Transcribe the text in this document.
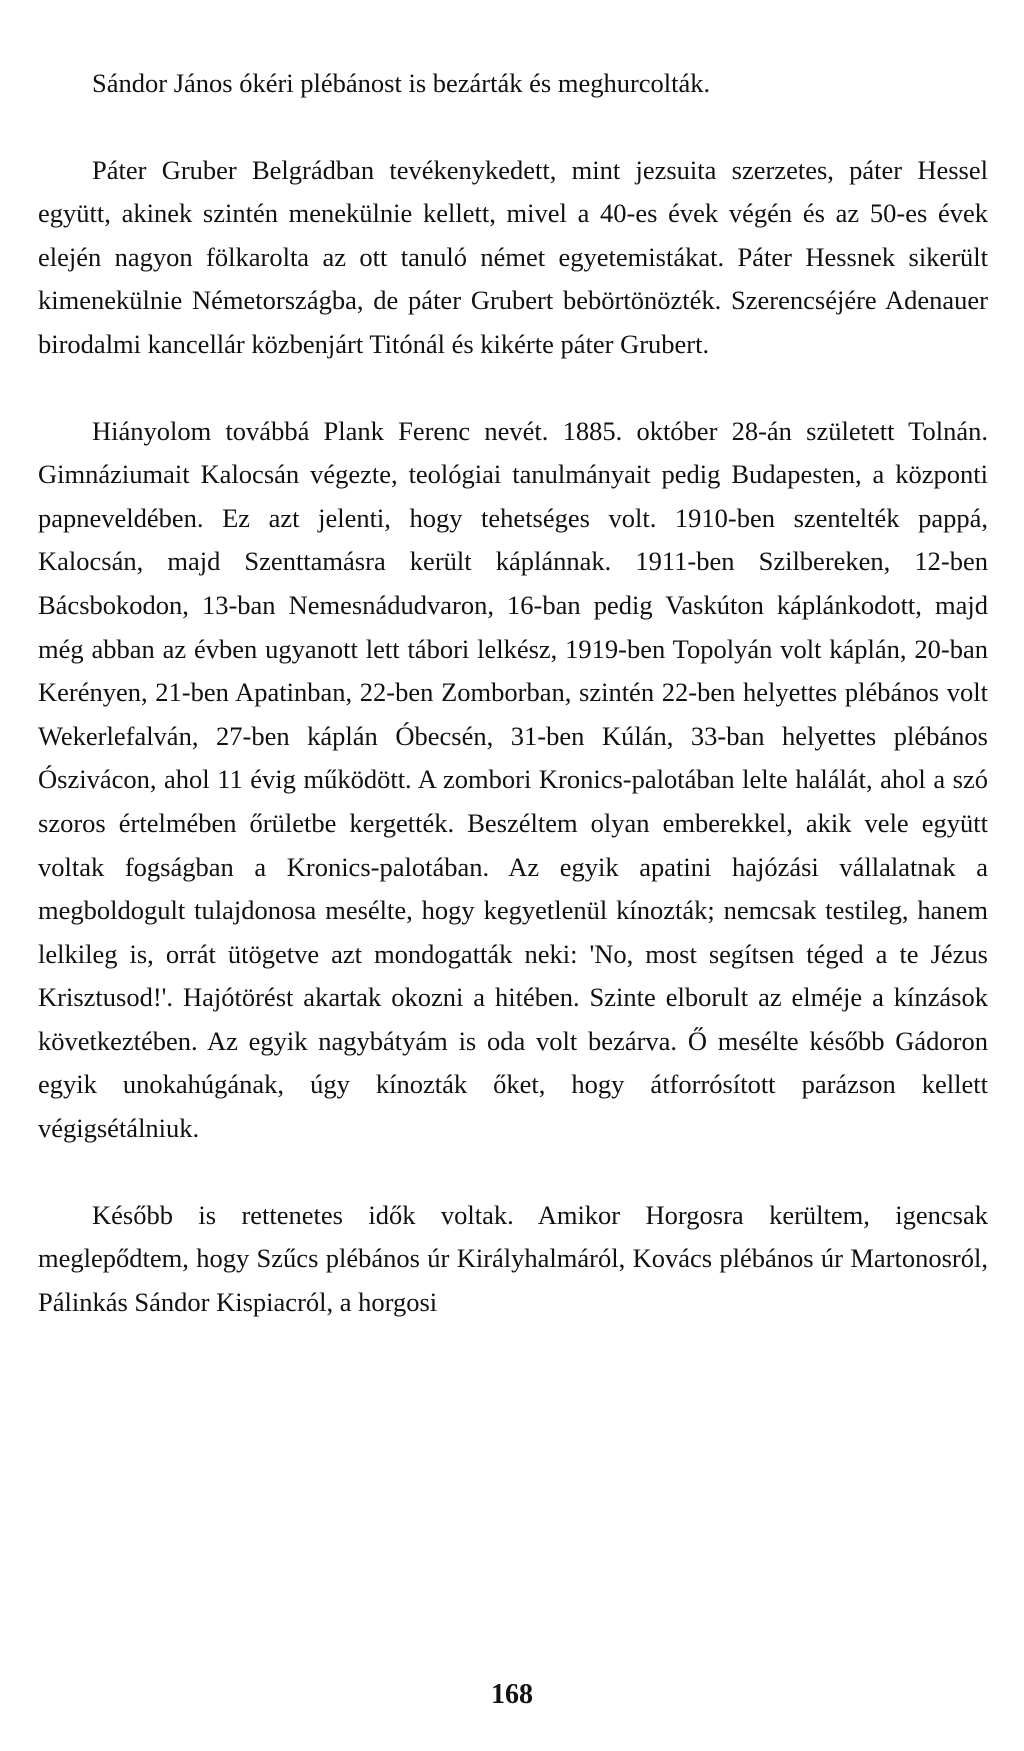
Sándor János ókéri plébánost is bezárták és meghurcolták.

Páter Gruber Belgrádban tevékenykedett, mint jezsuita szerzetes, páter Hessel együtt, akinek szintén menekülnie kellett, mivel a 40-es évek végén és az 50-es évek elején nagyon fölkarolta az ott tanuló német egyetemistákat. Páter Hessnek sikerült kimenekülnie Németországba, de páter Grubert bebörtönözték. Szerencséjére Adenauer birodalmi kancellár közbenjárt Titónál és kikérte páter Grubert.

Hiányolom továbbá Plank Ferenc nevét. 1885. október 28-án született Tolnán. Gimnáziumait Kalocsán végezte, teológiai tanulmányait pedig Budapesten, a központi papneveldében. Ez azt jelenti, hogy tehetséges volt. 1910-ben szentelték pappá, Kalocsán, majd Szenttamásra került káplánnak. 1911-ben Szilbereken, 12-ben Bácsbokodon, 13-ban Nemesnádudvaron, 16-ban pedig Vaskúton káplánkodott, majd még abban az évben ugyanott lett tábori lelkész, 1919-ben Topolyán volt káplán, 20-ban Kerényen, 21-ben Apatinban, 22-ben Zomborban, szintén 22-ben helyettes plébános volt Wekerlefalván, 27-ben káplán Óbecsén, 31-ben Kúlán, 33-ban helyettes plébános Ószivácon, ahol 11 évig működött. A zombori Kronics-palotában lelte halálát, ahol a szó szoros értelmében őrületbe kergették. Beszéltem olyan emberekkel, akik vele együtt voltak fogságban a Kronics-palotában. Az egyik apatini hajózási vállalatnak a megboldogult tulajdonosa mesélte, hogy kegyetlenül kínozták; nemcsak testileg, hanem lelkileg is, orrát ütögetve azt mondogatták neki: 'No, most segítsen téged a te Jézus Krisztusod!'. Hajótörést akartak okozni a hitében. Szinte elborult az elméje a kínzások következtében. Az egyik nagybátyám is oda volt bezárva. Ő mesélte később Gádoron egyik unokahúgának, úgy kínozták őket, hogy átforrósított parázson kellett végigsétálniuk.

Később is rettenetes idők voltak. Amikor Horgosra kerültem, igencsak meglepődtem, hogy Szűcs plébános úr Királyhalmáról, Kovács plébános úr Martonosról, Pálinkás Sándor Kispiacról, a horgosi

168
